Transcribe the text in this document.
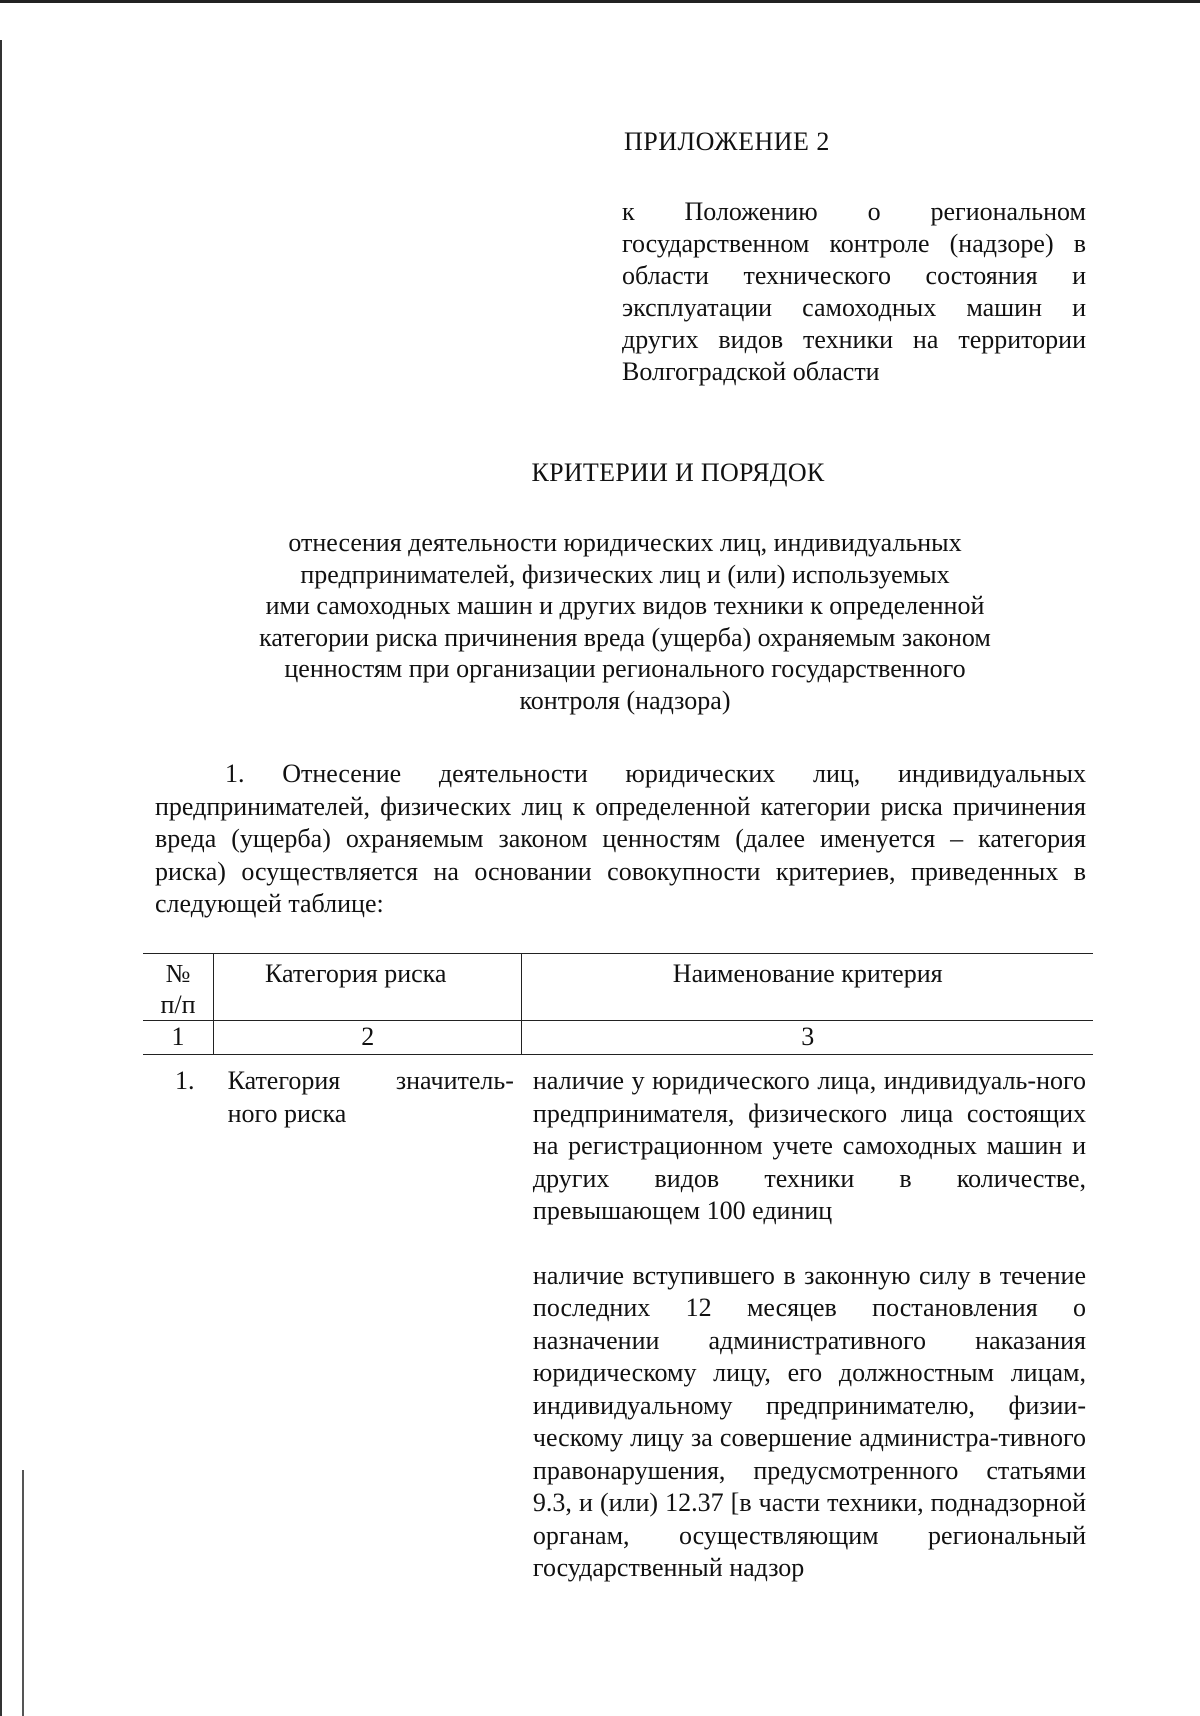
ПРИЛОЖЕНИЕ 2

к Положению о региональном государственном контроле (надзоре) в области технического состояния и эксплуатации самоходных машин и других видов техники на территории Волгоградской области

КРИТЕРИИ И ПОРЯДОК
отнесения деятельности юридических лиц, индивидуальных
предпринимателей, физических лиц и (или) используемых
ими самоходных машин и других видов техники к определенной
категории риска причинения вреда (ущерба) охраняемым законом
ценностям при организации регионального государственного
контроля (надзора)

1. Отнесение деятельности юридических лиц, индивидуальных предпринимателей, физических лиц к определенной категории риска причинения вреда (ущерба) охраняемым законом ценностям (далее именуется – категория риска) осуществляется на основании совокупности критериев, приведенных в следующей таблице:

№
п/п	Категория риска	Наименование критерия
1	2	3
1.	Категория значитель-ного риска	наличие у юридического лица, индивидуаль-ного предпринимателя, физического лица состоящих на регистрационном учете самоходных машин и других видов техники в количестве, превышающем 100 единиц

наличие вступившего в законную силу в течение последних 12 месяцев постановления о назначении административного наказания юридическому лицу, его должностным лицам, индивидуальному предпринимателю, физии-ческому лицу за совершение администра-тивного правонарушения, предусмотренного статьями 9.3, и (или) 12.37 [в части техники, поднадзорной органам, осуществляющим региональный государственный надзор
